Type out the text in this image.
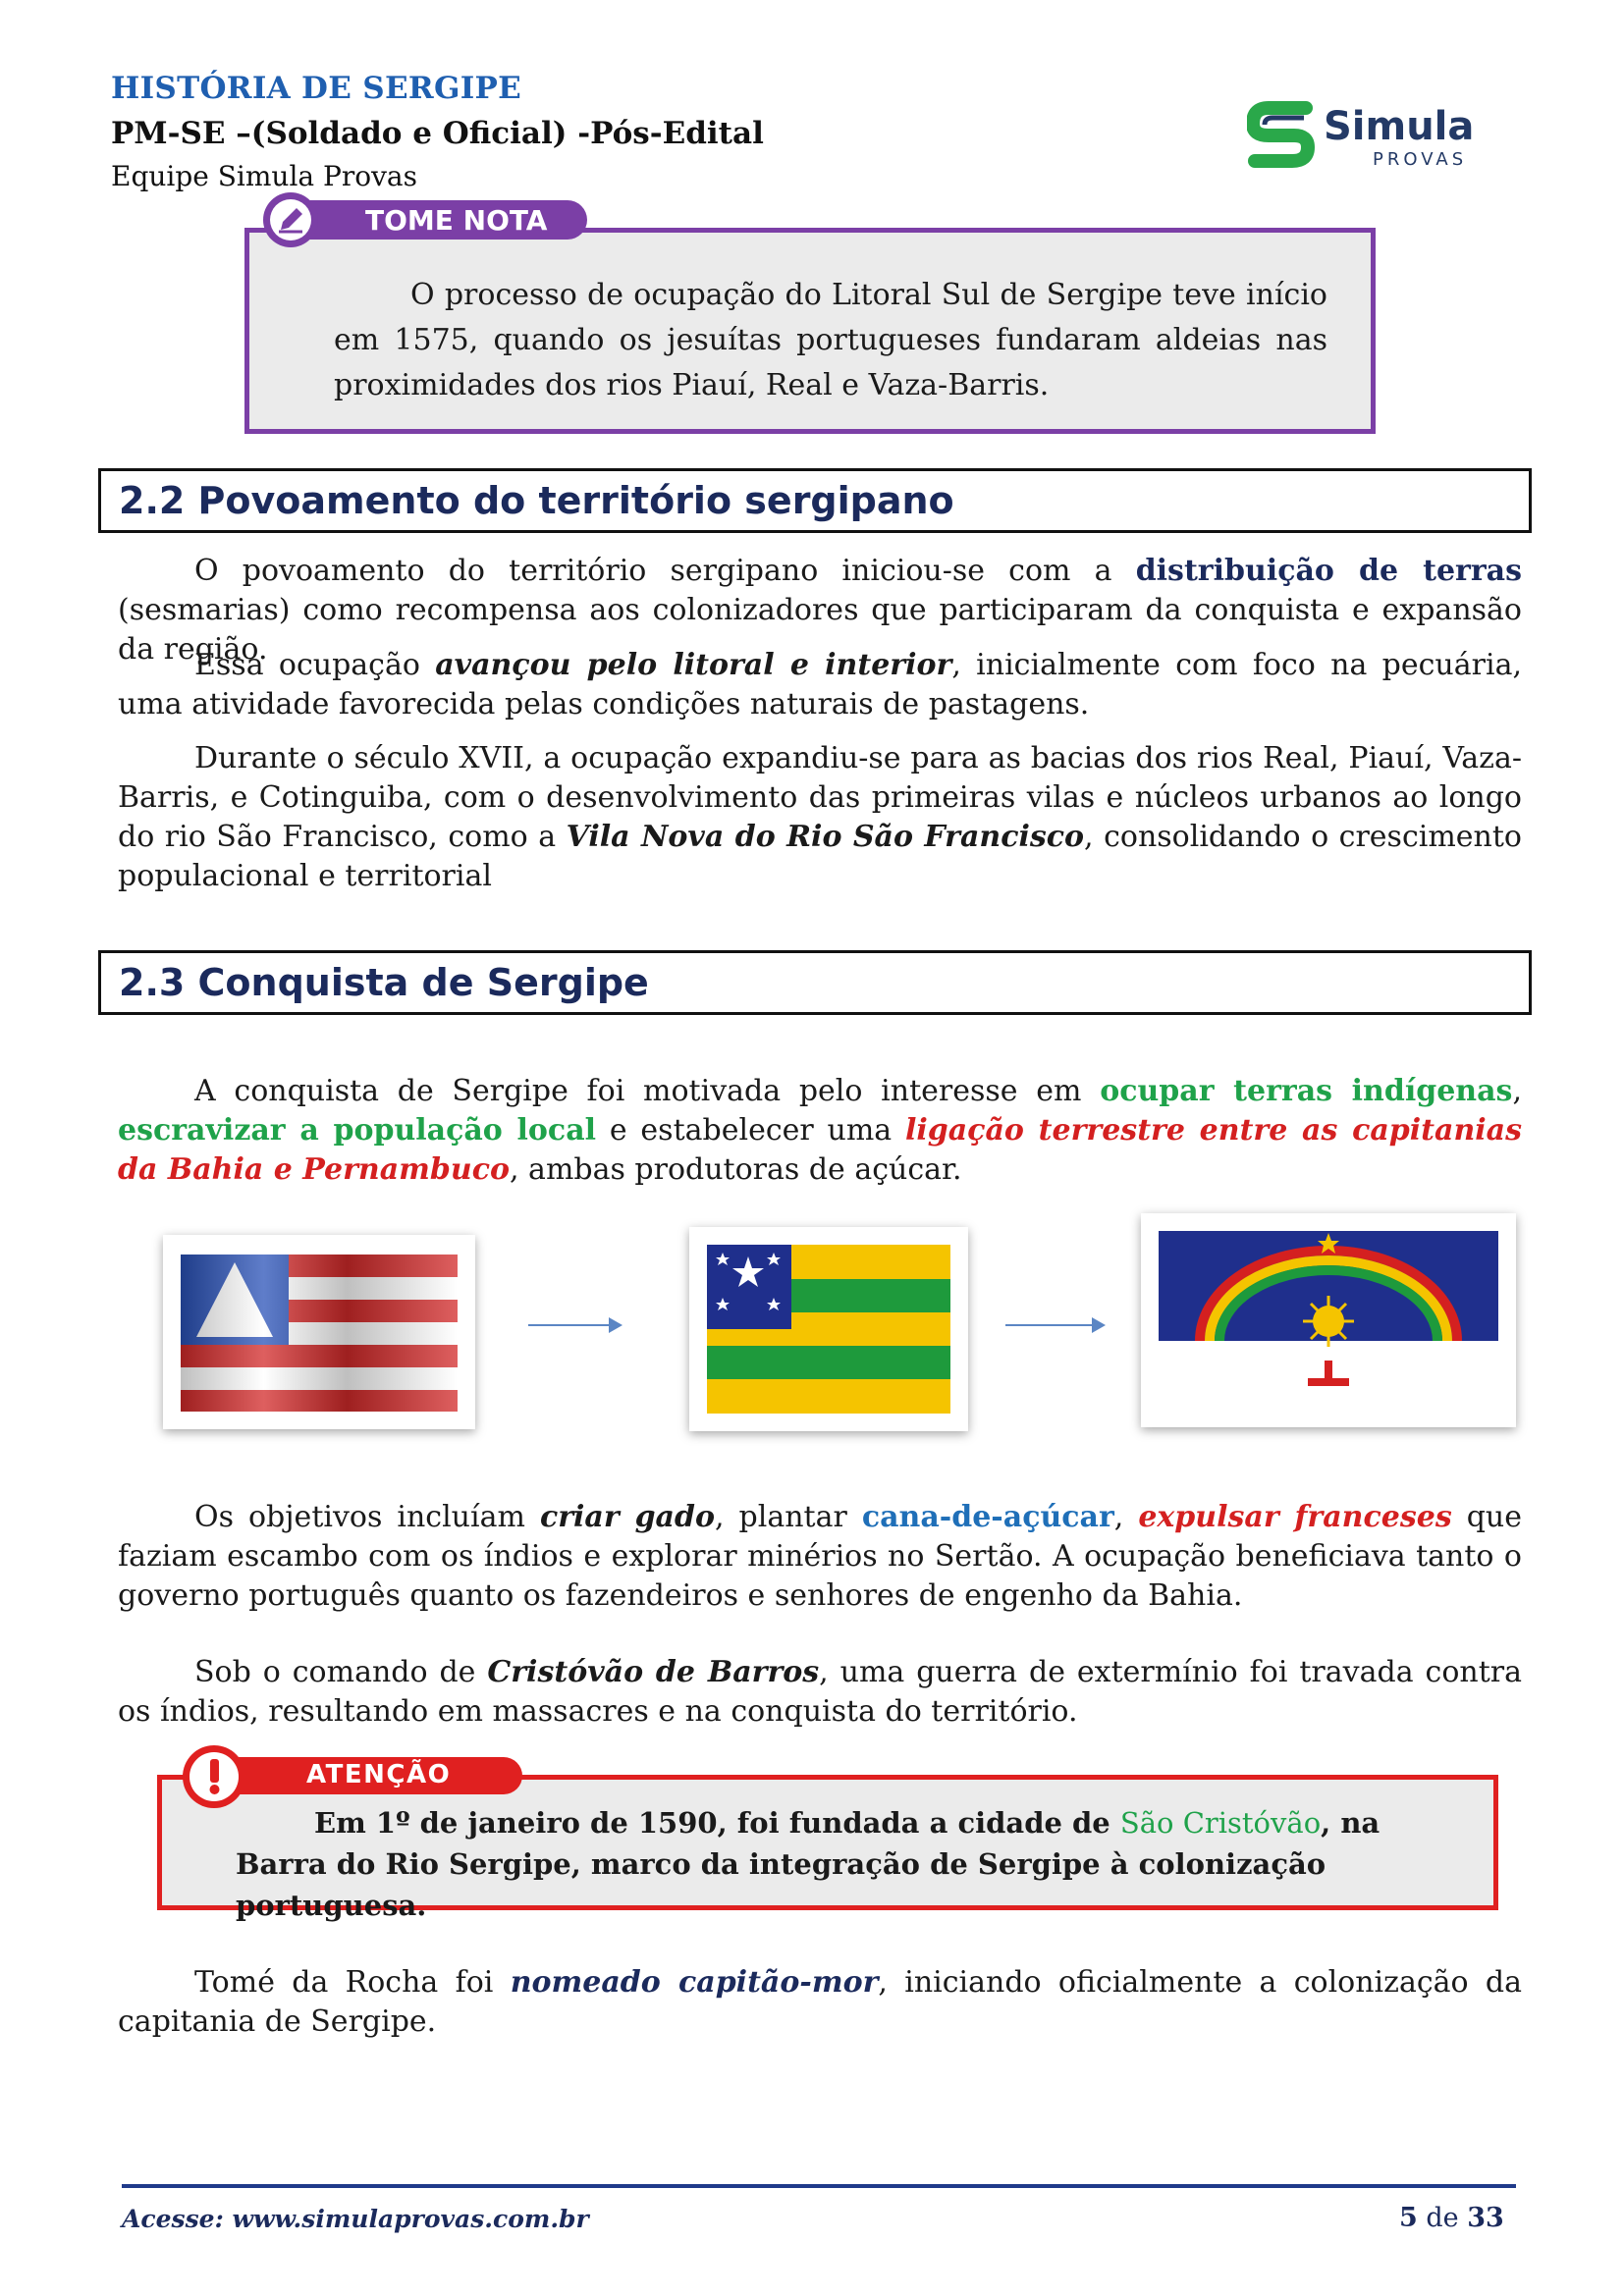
HISTÓRIA DE SERGIPE
PM-SE –(Soldado e Oficial) -Pós-Edital
Equipe Simula Provas
Simula
PROVAS
TOME NOTA
O processo de ocupação do Litoral Sul de Sergipe teve início em 1575, quando os jesuítas portugueses fundaram aldeias nas proximidades dos rios Piauí, Real e Vaza-Barris.
2.2 Povoamento do território sergipano
O povoamento do território sergipano iniciou-se com a distribuição de terras (sesmarias) como recompensa aos colonizadores que participaram da conquista e expansão da região.
Essa ocupação avançou pelo litoral e interior, inicialmente com foco na pecuária, uma atividade favorecida pelas condições naturais de pastagens.
Durante o século XVII, a ocupação expandiu-se para as bacias dos rios Real, Piauí, Vaza-Barris, e Cotinguiba, com o desenvolvimento das primeiras vilas e núcleos urbanos ao longo do rio São Francisco, como a Vila Nova do Rio São Francisco, consolidando o crescimento populacional e territorial
2.3 Conquista de Sergipe
A conquista de Sergipe foi motivada pelo interesse em ocupar terras indígenas, escravizar a população local e estabelecer uma ligação terrestre entre as capitanias da Bahia e Pernambuco, ambas produtoras de açúcar.
Os objetivos incluíam criar gado, plantar cana-de-açúcar, expulsar franceses que faziam escambo com os índios e explorar minérios no Sertão. A ocupação beneficiava tanto o governo português quanto os fazendeiros e senhores de engenho da Bahia.
Sob o comando de Cristóvão de Barros, uma guerra de extermínio foi travada contra os índios, resultando em massacres e na conquista do território.
ATENÇÃO
Em 1º de janeiro de 1590, foi fundada a cidade de São Cristóvão, na Barra do Rio Sergipe, marco da integração de Sergipe à colonização portuguesa.
Tomé da Rocha foi nomeado capitão-mor, iniciando oficialmente a colonização da capitania de Sergipe.
Acesse: www.simulaprovas.com.br	5 de 33
